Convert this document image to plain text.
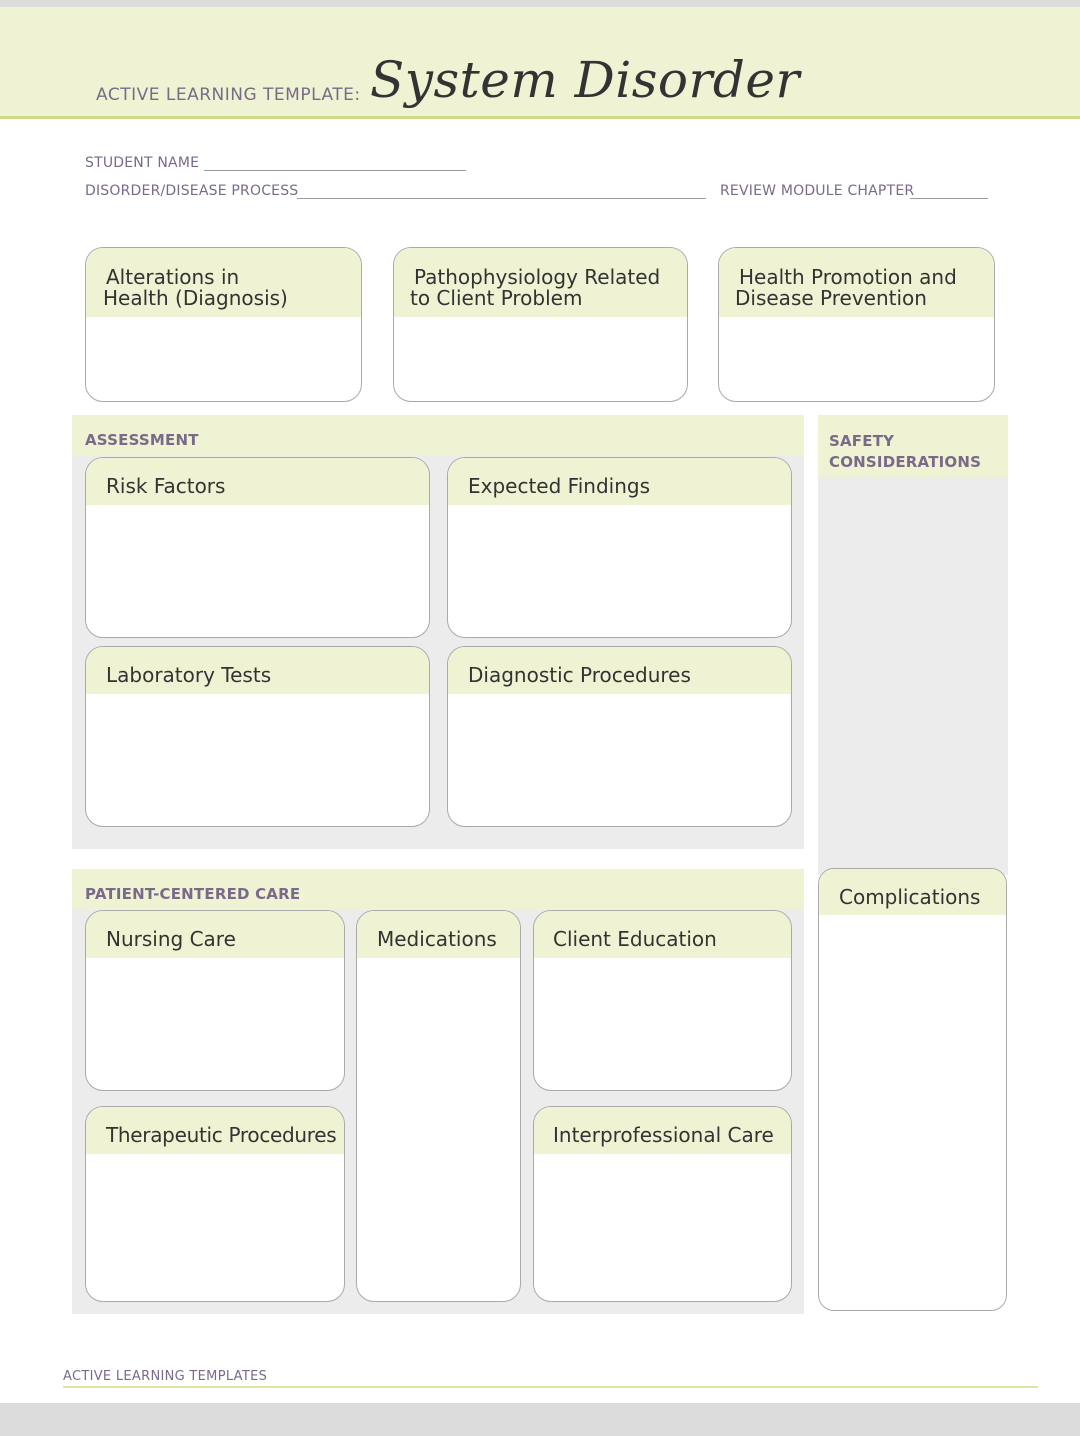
ACTIVE LEARNING TEMPLATE: System Disorder
STUDENT NAME
DISORDER/DISEASE PROCESS	REVIEW MODULE CHAPTER
Alterations in
Health (Diagnosis)
Pathophysiology Related
to Client Problem
Health Promotion and
Disease Prevention
ASSESSMENT
Risk Factors	Expected Findings
Laboratory Tests	Diagnostic Procedures
SAFETY
CONSIDERATIONS
Complications
PATIENT-CENTERED CARE
Nursing Care	Medications	Client Education
Therapeutic Procedures	Interprofessional Care
ACTIVE LEARNING TEMPLATES
